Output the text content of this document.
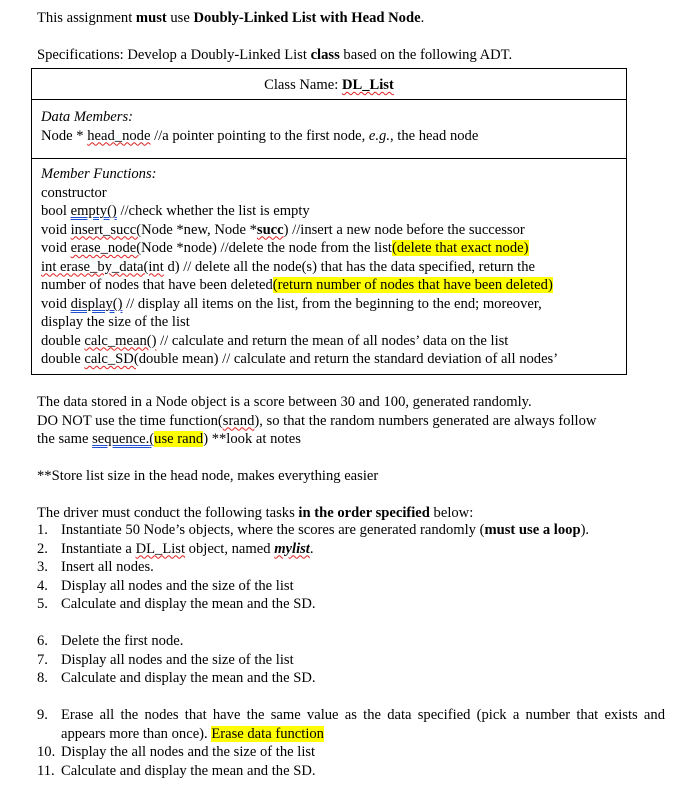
This assignment must use Doubly-Linked List with Head Node.
Specifications: Develop a Doubly-Linked List class based on the following ADT.
Class Name: DL_List
Data Members:
Node * head_node //a pointer pointing to the first node, e.g., the head node
Member Functions:
constructor
bool empty() //check whether the list is empty
void insert_succ(Node *new, Node *succ) //insert a new node before the successor
void erase_node(Node *node) //delete the node from the list(delete that exact node)
int erase_by_data(int d) // delete all the node(s) that has the data specified, return the
number of nodes that have been deleted(return number of nodes that have been deleted)
void display() // display all items on the list, from the beginning to the end; moreover,
display the size of the list
double calc_mean() // calculate and return the mean of all nodes’ data on the list
double calc_SD(double mean) // calculate and return the standard deviation of all nodes’
The data stored in a Node object is a score between 30 and 100, generated randomly.
DO NOT use the time function(srand), so that the random numbers generated are always follow
the same sequence.(use rand) **look at notes
**Store list size in the head node, makes everything easier
The driver must conduct the following tasks in the order specified below:
1. Instantiate 50 Node’s objects, where the scores are generated randomly (must use a loop).
2. Instantiate a DL_List object, named mylist.
3. Insert all nodes.
4. Display all nodes and the size of the list
5. Calculate and display the mean and the SD.
6. Delete the first node.
7. Display all nodes and the size of the list
8. Calculate and display the mean and the SD.
9. Erase all the nodes that have the same value as the data specified (pick a number that exists and appears more than once). Erase data function
10. Display the all nodes and the size of the list
11. Calculate and display the mean and the SD.
